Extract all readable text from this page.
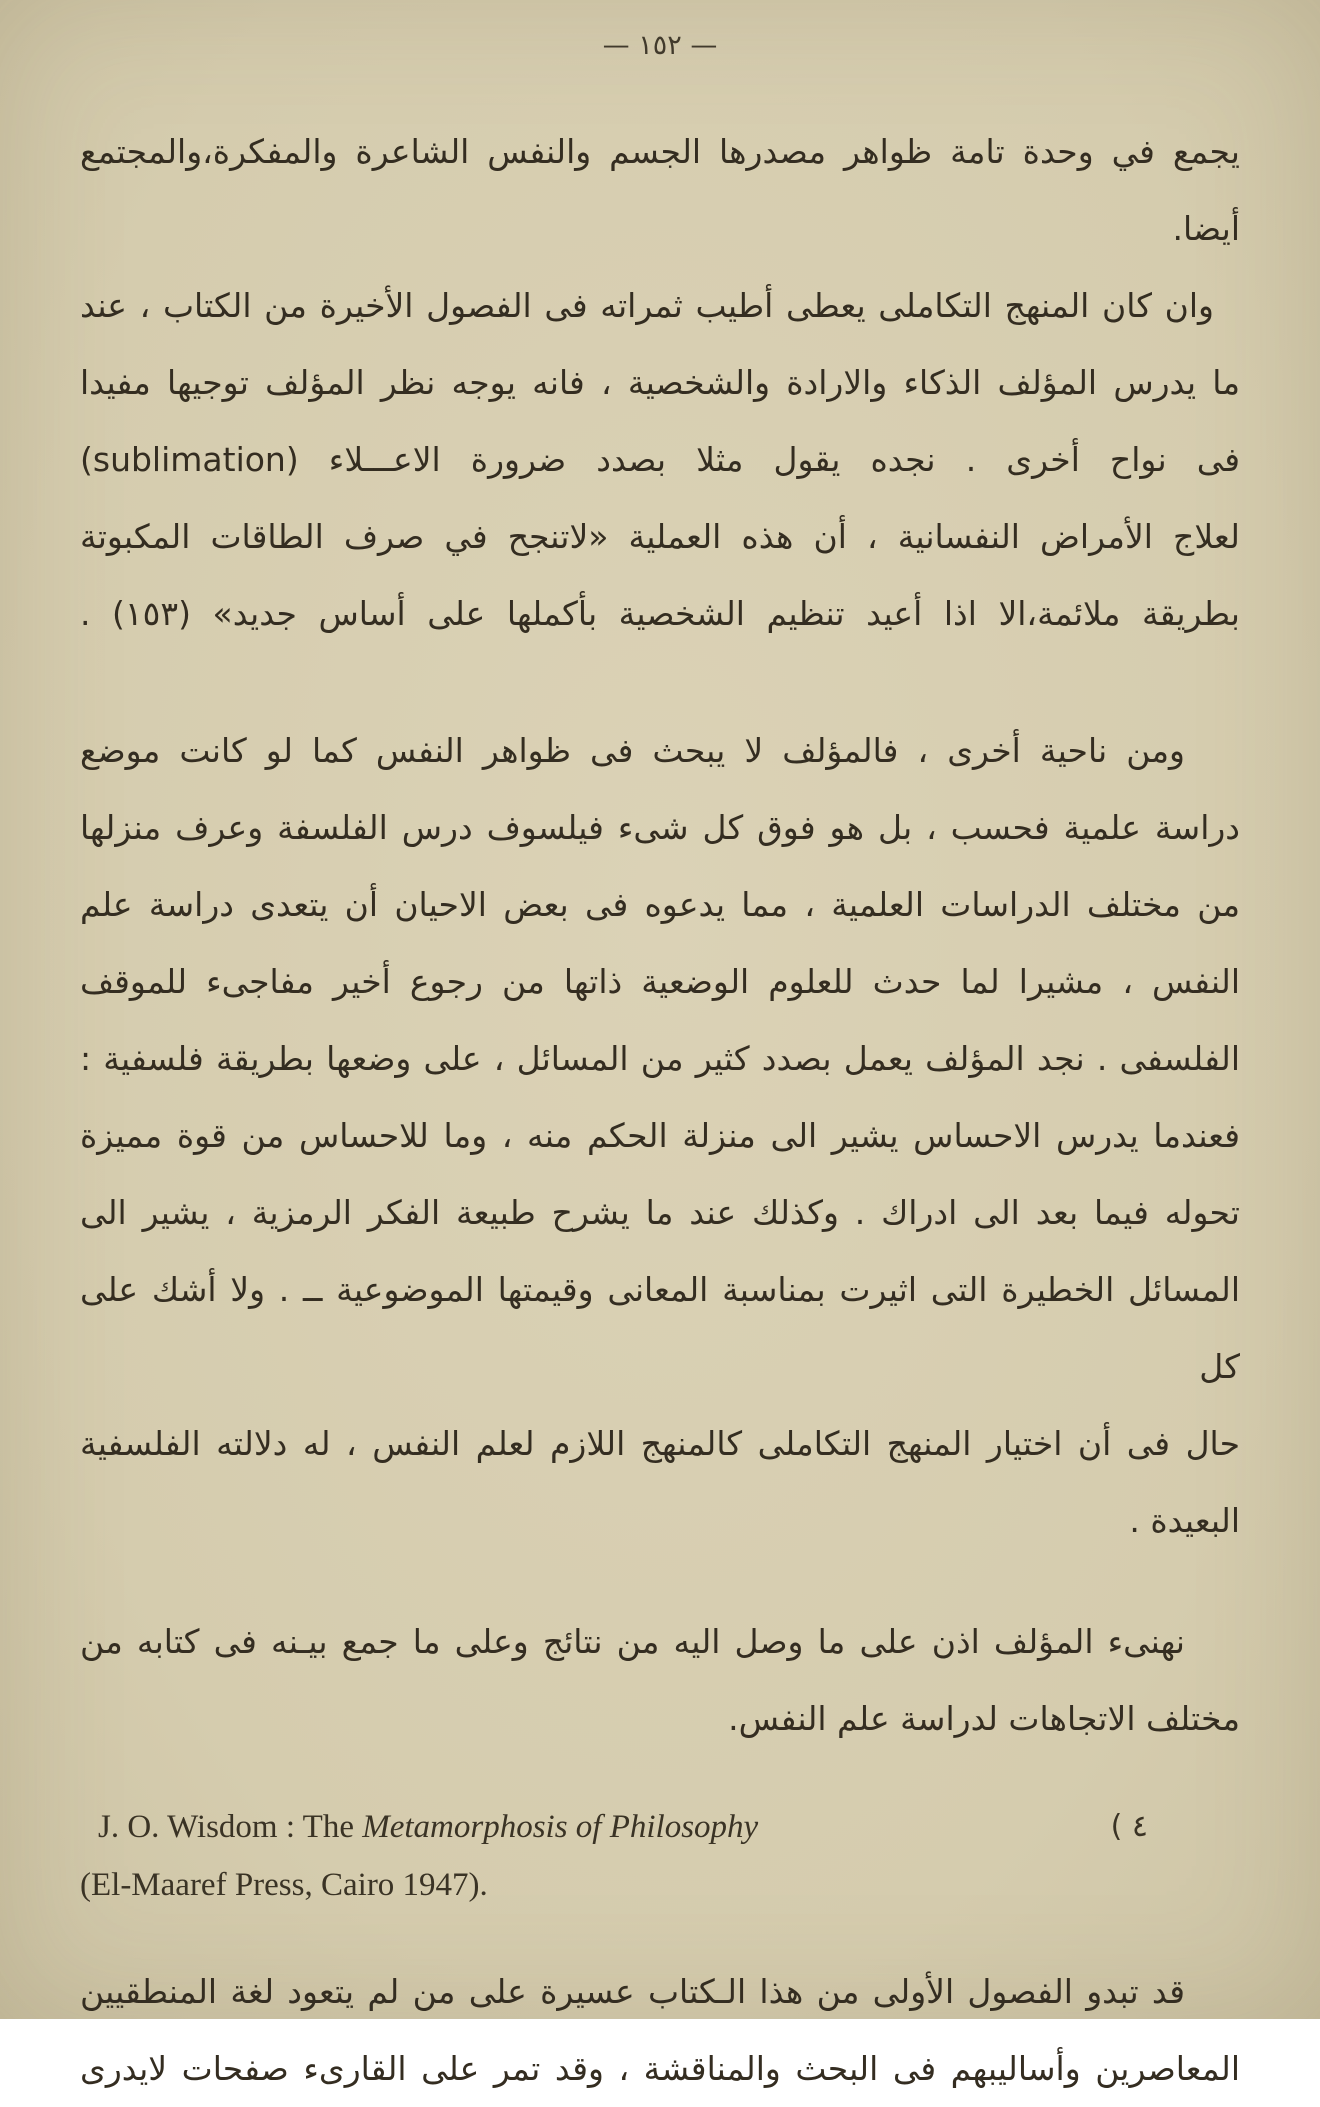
— ١٥٢ —
يجمع في وحدة تامة ظواهر مصدرها الجسم والنفس الشاعرة والمفكرة،والمجتمع أيضا.
وان كان المنهج التكاملى يعطى أطيب ثمراته فى الفصول الأخيرة من الكتاب ، عند
ما يدرس المؤلف الذكاء والارادة والشخصية ، فانه يوجه نظر المؤلف توجيها مفيدا
فى نواح أخرى . نجده يقول مثلا بصدد ضرورة الاعـــلاء (sublimation)
لعلاج الأمراض النفسانية ، أن هذه العملية «لاتنجح في صرف الطاقات المكبوتة
بطريقة ملائمة،الا اذا أعيد تنظيم الشخصية بأكملها على أساس جديد» (١٥٣) .
ومن ناحية أخرى ، فالمؤلف لا يبحث فى ظواهر النفس كما لو كانت موضع
دراسة علمية فحسب ، بل هو فوق كل شىء فيلسوف درس الفلسفة وعرف منزلها
من مختلف الدراسات العلمية ، مما يدعوه فى بعض الاحيان أن يتعدى دراسة علم
النفس ، مشيرا لما حدث للعلوم الوضعية ذاتها من رجوع أخير مفاجىء للموقف
الفلسفى . نجد المؤلف يعمل بصدد كثير من المسائل ، على وضعها بطريقة فلسفية :
فعندما يدرس الاحساس يشير الى منزلة الحكم منه ، وما للاحساس من قوة مميزة
تحوله فيما بعد الى ادراك . وكذلك عند ما يشرح طبيعة الفكر الرمزية ، يشير الى
المسائل الخطيرة التى اثيرت بمناسبة المعانى وقيمتها الموضوعية ــ . ولا أشك على كل
حال فى أن اختيار المنهج التكاملى كالمنهج اللازم لعلم النفس ، له دلالته الفلسفية
البعيدة .
نهنىء المؤلف اذن على ما وصل اليه من نتائج وعلى ما جمع بيـنه فى كتابه من
مختلف الاتجاهات لدراسة علم النفس.
J. O. Wisdom : The Metamorphosis of Philosophy
(El-Maaref Press, Cairo 1947).
( ٤
قد تبدو الفصول الأولى من هذا الـكتاب عسيرة على من لم يتعود لغة المنطقيين
المعاصرين وأساليبهم فى البحث والمناقشة ، وقد تمر على القارىء صفحات لايدرى
